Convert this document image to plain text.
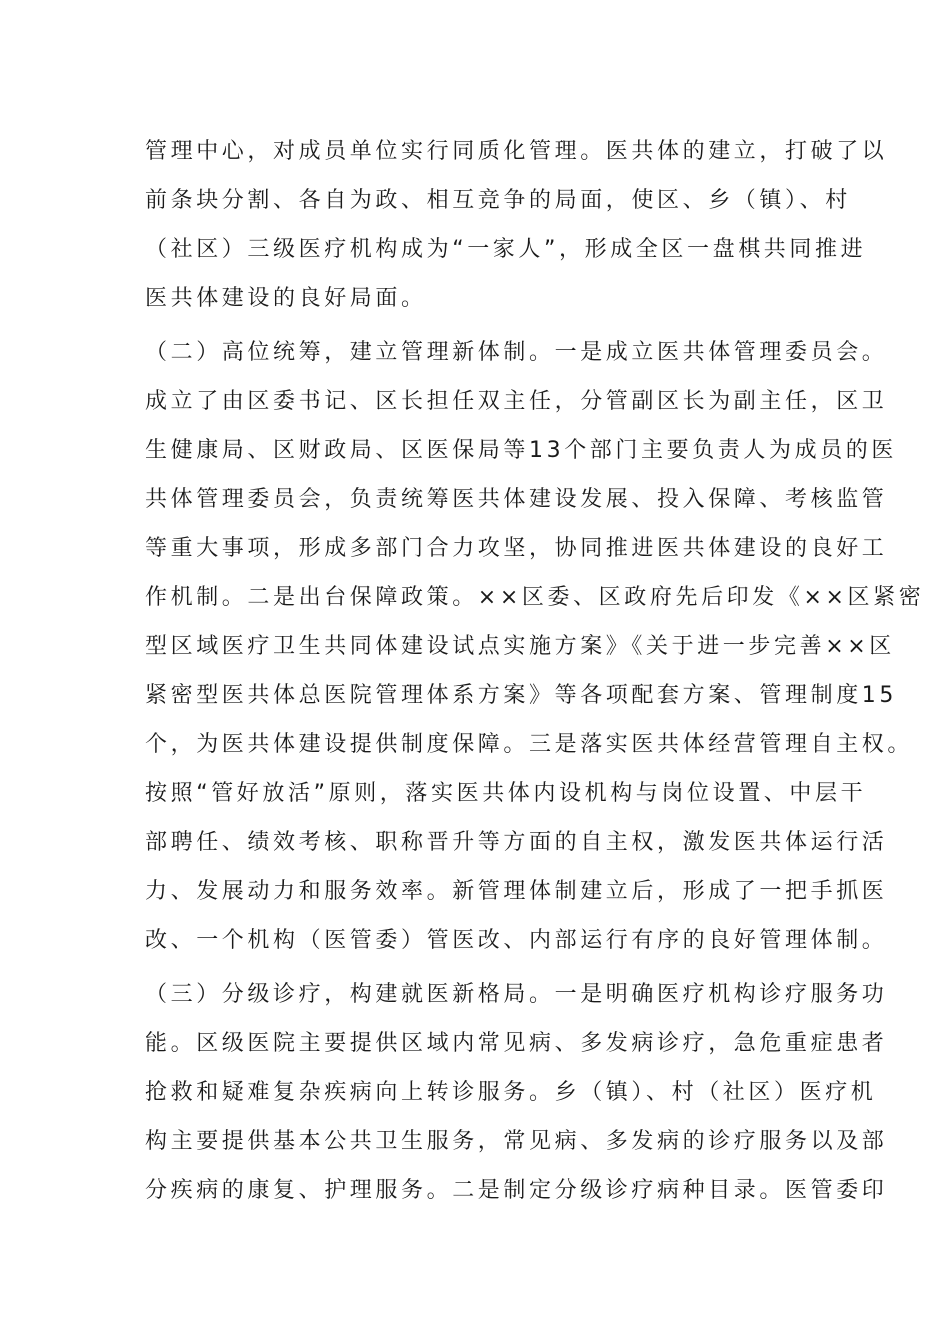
管理中心，对成员单位实行同质化管理。医共体的建立，打破了以
前条块分割、各自为政、相互竞争的局面，使区、乡（镇）、村
（社区）三级医疗机构成为“一家人”，形成全区一盘棋共同推进
医共体建设的良好局面。
（二）高位统筹，建立管理新体制。一是成立医共体管理委员会。
成立了由区委书记、区长担任双主任，分管副区长为副主任，区卫
生健康局、区财政局、区医保局等13个部门主要负责人为成员的医
共体管理委员会，负责统筹医共体建设发展、投入保障、考核监管
等重大事项，形成多部门合力攻坚，协同推进医共体建设的良好工
作机制。二是出台保障政策。××区委、区政府先后印发《××区紧密
型区域医疗卫生共同体建设试点实施方案》《关于进一步完善××区
紧密型医共体总医院管理体系方案》等各项配套方案、管理制度15
个，为医共体建设提供制度保障。三是落实医共体经营管理自主权。
按照“管好放活”原则，落实医共体内设机构与岗位设置、中层干
部聘任、绩效考核、职称晋升等方面的自主权，激发医共体运行活
力、发展动力和服务效率。新管理体制建立后，形成了一把手抓医
改、一个机构（医管委）管医改、内部运行有序的良好管理体制。
（三）分级诊疗，构建就医新格局。一是明确医疗机构诊疗服务功
能。区级医院主要提供区域内常见病、多发病诊疗，急危重症患者
抢救和疑难复杂疾病向上转诊服务。乡（镇）、村（社区）医疗机
构主要提供基本公共卫生服务，常见病、多发病的诊疗服务以及部
分疾病的康复、护理服务。二是制定分级诊疗病种目录。医管委印
